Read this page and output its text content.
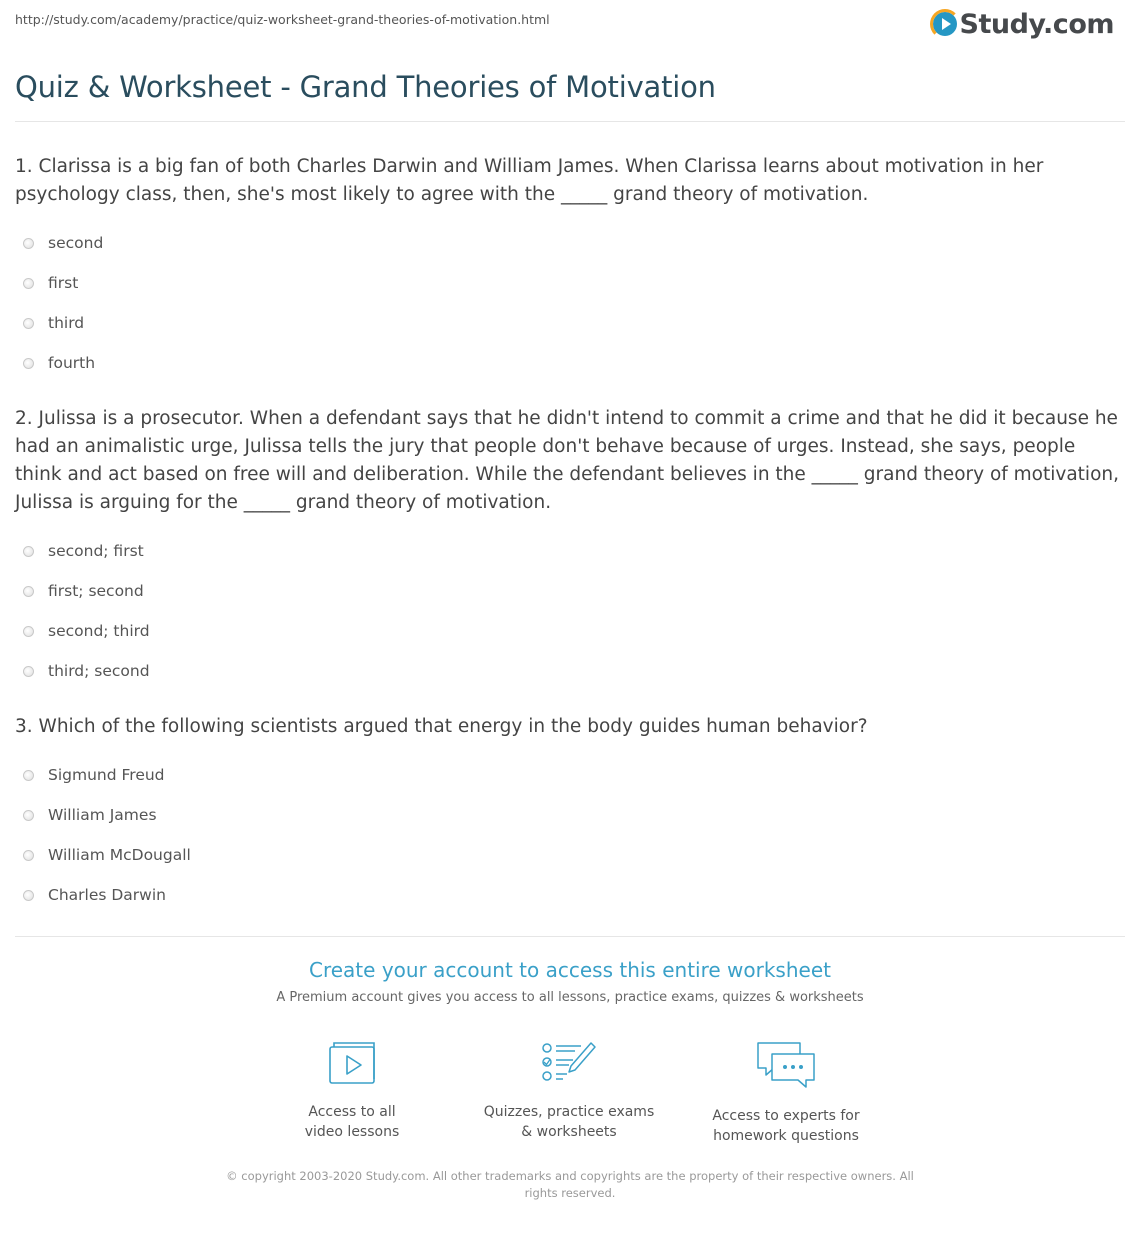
http://study.com/academy/practice/quiz-worksheet-grand-theories-of-motivation.html	Study.com
Quiz & Worksheet - Grand Theories of Motivation
1. Clarissa is a big fan of both Charles Darwin and William James. When Clarissa learns about motivation in her psychology class, then, she's most likely to agree with the _____ grand theory of motivation.
second
first
third
fourth
2. Julissa is a prosecutor. When a defendant says that he didn't intend to commit a crime and that he did it because he had an animalistic urge, Julissa tells the jury that people don't behave because of urges. Instead, she says, people think and act based on free will and deliberation. While the defendant believes in the _____ grand theory of motivation, Julissa is arguing for the _____ grand theory of motivation.
second; first
first; second
second; third
third; second
3. Which of the following scientists argued that energy in the body guides human behavior?
Sigmund Freud
William James
William McDougall
Charles Darwin
Create your account to access this entire worksheet
A Premium account gives you access to all lessons, practice exams, quizzes & worksheets
Access to all
video lessons
Quizzes, practice exams
& worksheets
Access to experts for
homework questions
© copyright 2003-2020 Study.com. All other trademarks and copyrights are the property of their respective owners. All rights reserved.
